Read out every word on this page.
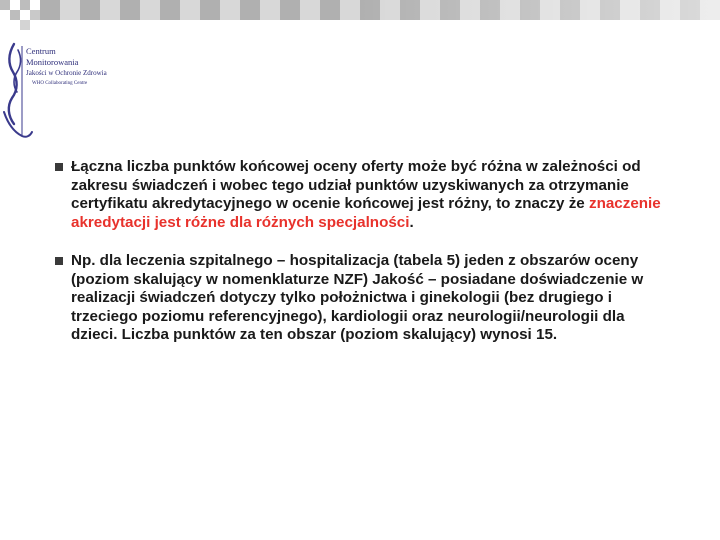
Centrum
Monitorowania
Jakości w Ochronie Zdrowia
WHO Collaborating Centre
Łączna liczba punktów końcowej oceny oferty może być różna w zależności od zakresu świadczeń i wobec tego udział punktów uzyskiwanych za otrzymanie certyfikatu akredytacyjnego w ocenie końcowej jest różny, to znaczy że znaczenie akredytacji jest różne dla różnych specjalności.
Np. dla leczenia szpitalnego – hospitalizacja (tabela 5) jeden z obszarów oceny (poziom skalujący w nomenklaturze NZF) Jakość – posiadane doświadczenie w realizacji świadczeń dotyczy tylko położnictwa i ginekologii (bez drugiego i trzeciego poziomu referencyjnego), kardiologii oraz neurologii/neurologii dla dzieci. Liczba punktów za ten obszar (poziom skalujący) wynosi 15.
